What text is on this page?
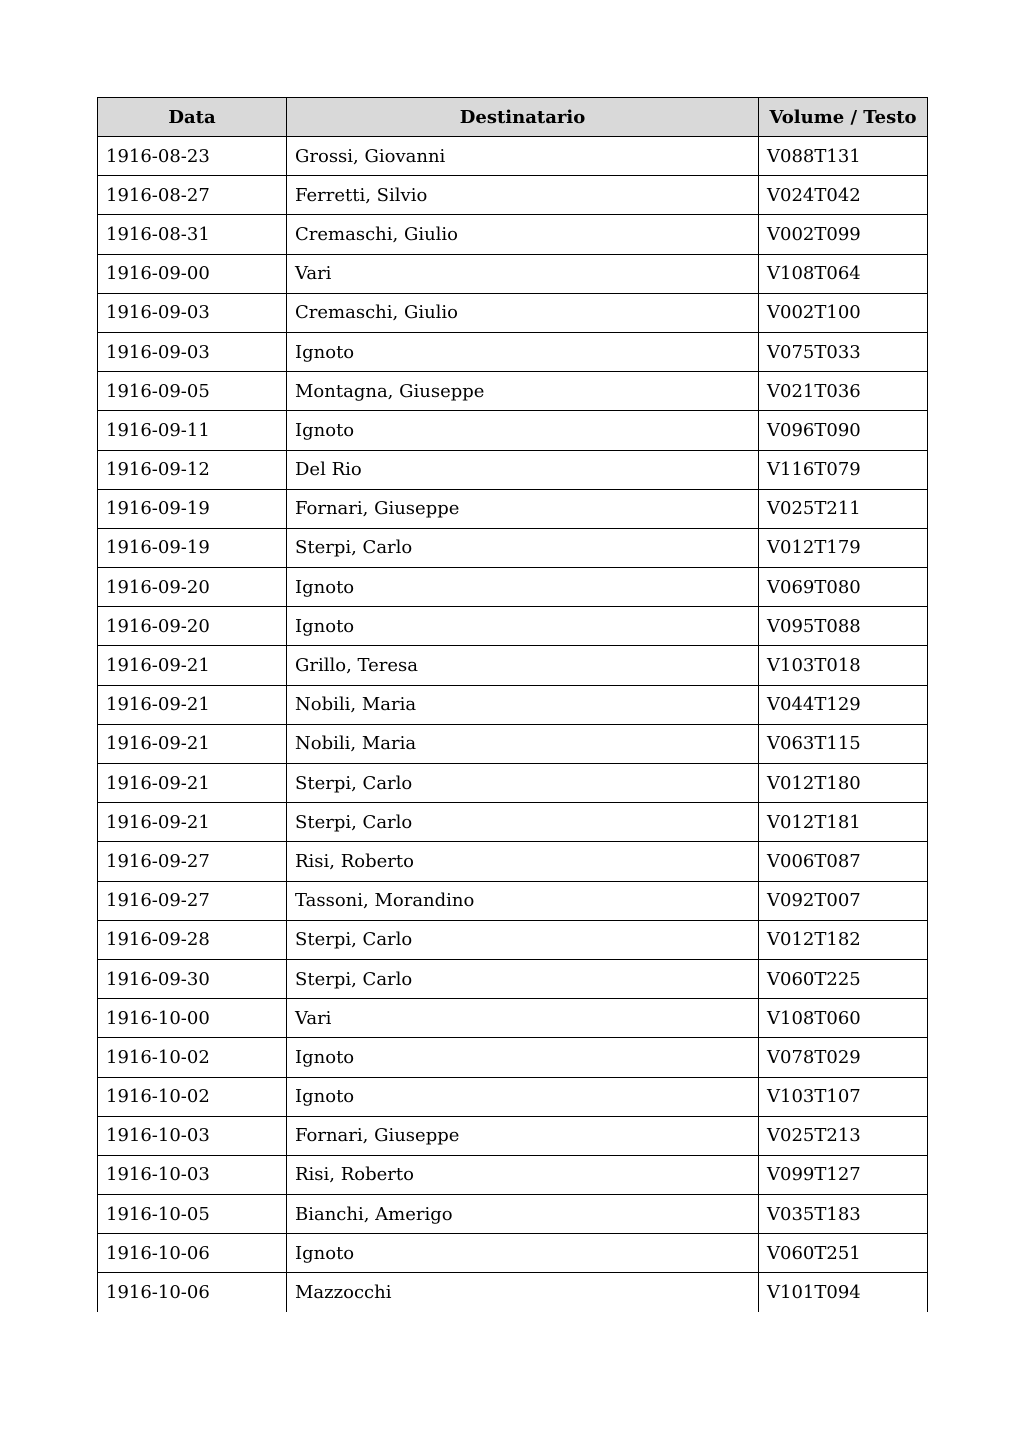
Data	Destinatario	Volume / Testo
1916-08-23	Grossi, Giovanni	V088T131
1916-08-27	Ferretti, Silvio	V024T042
1916-08-31	Cremaschi, Giulio	V002T099
1916-09-00	Vari	V108T064
1916-09-03	Cremaschi, Giulio	V002T100
1916-09-03	Ignoto	V075T033
1916-09-05	Montagna, Giuseppe	V021T036
1916-09-11	Ignoto	V096T090
1916-09-12	Del Rio	V116T079
1916-09-19	Fornari, Giuseppe	V025T211
1916-09-19	Sterpi, Carlo	V012T179
1916-09-20	Ignoto	V069T080
1916-09-20	Ignoto	V095T088
1916-09-21	Grillo, Teresa	V103T018
1916-09-21	Nobili, Maria	V044T129
1916-09-21	Nobili, Maria	V063T115
1916-09-21	Sterpi, Carlo	V012T180
1916-09-21	Sterpi, Carlo	V012T181
1916-09-27	Risi, Roberto	V006T087
1916-09-27	Tassoni, Morandino	V092T007
1916-09-28	Sterpi, Carlo	V012T182
1916-09-30	Sterpi, Carlo	V060T225
1916-10-00	Vari	V108T060
1916-10-02	Ignoto	V078T029
1916-10-02	Ignoto	V103T107
1916-10-03	Fornari, Giuseppe	V025T213
1916-10-03	Risi, Roberto	V099T127
1916-10-05	Bianchi, Amerigo	V035T183
1916-10-06	Ignoto	V060T251
1916-10-06	Mazzocchi	V101T094
